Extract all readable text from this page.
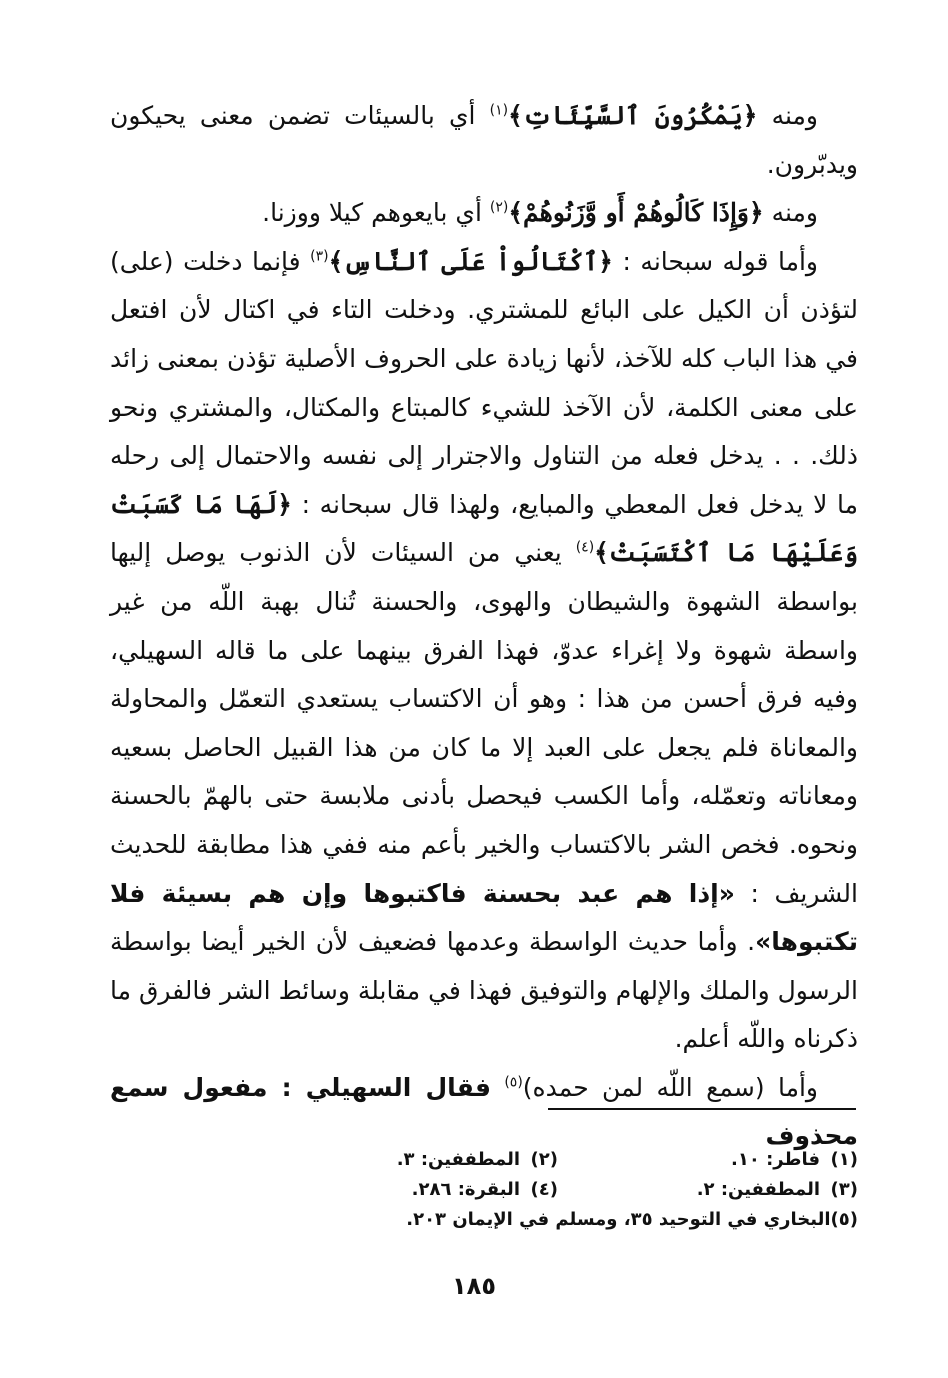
ومنه ﴿يَمْكُرُونَ ٱلسَّيِّئَاتِ﴾$^{(١)}$ أي بالسيئات تضمن معنى يحيكون ويدبّرون.

ومنه ﴿وَإِذَا كَالُوهُمْ أَو وَّزَنُوهُمْ﴾$^{(٢)}$ أي بايعوهم كيلا ووزنا.

وأما قوله سبحانه : ﴿ٱكْتَالُواْ عَلَى ٱلنَّاسِ﴾$^{(٣)}$ فإنما دخلت (على) لتؤذن أن الكيل على البائع للمشتري. ودخلت التاء في اكتال لأن افتعل في هذا الباب كله للآخذ، لأنها زيادة على الحروف الأصلية تؤذن بمعنى زائد على معنى الكلمة، لأن الآخذ للشيء كالمبتاع والمكتال، والمشتري ونحو ذلك. . . يدخل فعله من التناول والاجترار إلى نفسه والاحتمال إلى رحله ما لا يدخل فعل المعطي والمبايع، ولهذا قال سبحانه : ﴿لَهَا مَا كَسَبَتْ وَعَلَيْهَا مَا ٱكْتَسَبَتْ﴾$^{(٤)}$ يعني من السيئات لأن الذنوب يوصل إليها بواسطة الشهوة والشيطان والهوى، والحسنة تُنال بهبة اللّه من غير واسطة شهوة ولا إغراء عدوّ، فهذا الفرق بينهما على ما قاله السهيلي، وفيه فرق أحسن من هذا : وهو أن الاكتساب يستعدي التعمّل والمحاولة والمعاناة فلم يجعل على العبد إلا ما كان من هذا القبيل الحاصل بسعيه ومعاناته وتعمّله، وأما الكسب فيحصل بأدنى ملابسة حتى بالهمّ بالحسنة ونحوه. فخص الشر بالاكتساب والخير بأعم منه ففي هذا مطابقة للحديث الشريف : «إذا هم عبد بحسنة فاكتبوها وإن هم بسيئة فلا تكتبوها». وأما حديث الواسطة وعدمها فضعيف لأن الخير أيضا بواسطة الرسول والملك والإلهام والتوفيق فهذا في مقابلة وسائط الشر فالفرق ما ذكرناه واللّه أعلم.

وأما (سمع اللّه لمن حمده)$^{(٥)}$ فقال السهيلي : مفعول سمع محذوف

(١)
فاطر: ١٠.
(٢)
المطففين: ٣.
(٣)
المطففين: ٢.
(٤)
البقرة: ٢٨٦.
(٥)
البخاري في التوحيد ٣٥، ومسلم في الإيمان ٢٠٣.
١٨٥
